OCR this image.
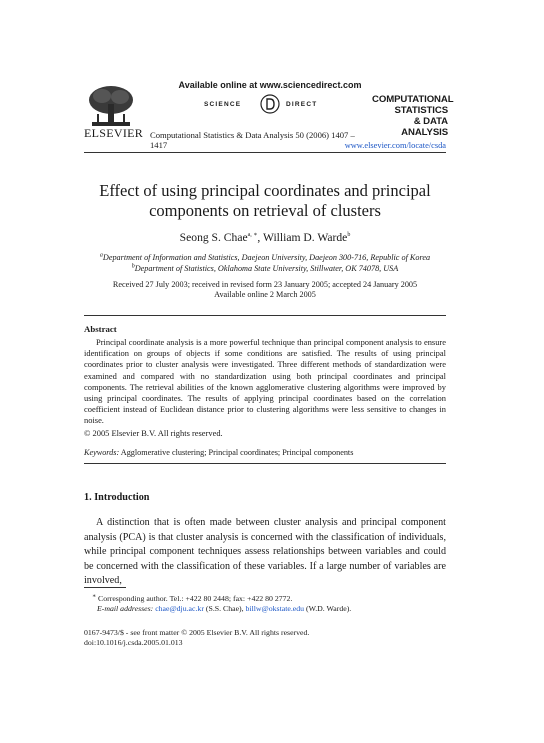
ELSEVIER
Available online at www.sciencedirect.com
SCIENCE	DIRECT
Computational Statistics & Data Analysis 50 (2006) 1407 – 1417
COMPUTATIONAL
STATISTICS
& DATA ANALYSIS
www.elsevier.com/locate/csda
Effect of using principal coordinates and principal
components on retrieval of clusters
Seong S. Chae$^{a, ∗}$, William D. Warde$^b$
$^a$Department of Information and Statistics, Daejeon University, Daejeon 300-716, Republic of Korea
$^b$Department of Statistics, Oklahoma State University, Stillwater, OK 74078, USA
Received 27 July 2003; received in revised form 23 January 2005; accepted 24 January 2005
Available online 2 March 2005
Abstract

Principal coordinate analysis is a more powerful technique than principal component analysis to ensure identification on groups of objects if some conditions are satisfied. The results of using principal coordinates prior to cluster analysis were investigated. Three different methods of standardization were examined and compared with no standardization using both principal coordinates and principal components. The retrieval abilities of the known agglomerative clustering algorithms were improved by using principal coordinates. The results of applying principal coordinates based on the correlation coefficient instead of Euclidean distance prior to clustering algorithms were less sensitive to changes in noise.

© 2005 Elsevier B.V. All rights reserved.
Keywords: Agglomerative clustering; Principal coordinates; Principal components
1. Introduction

A distinction that is often made between cluster analysis and principal component analysis (PCA) is that cluster analysis is concerned with the classification of individuals, while principal component techniques assess relationships between variables and could be concerned with the classification of these variables. If a large number of variables are involved,

∗ Corresponding author. Tel.: +422 80 2448; fax: +422 80 2772.
E-mail addresses: chae@dju.ac.kr (S.S. Chae), billw@okstate.edu (W.D. Warde).
0167-9473/$ - see front matter © 2005 Elsevier B.V. All rights reserved.
doi:10.1016/j.csda.2005.01.013
